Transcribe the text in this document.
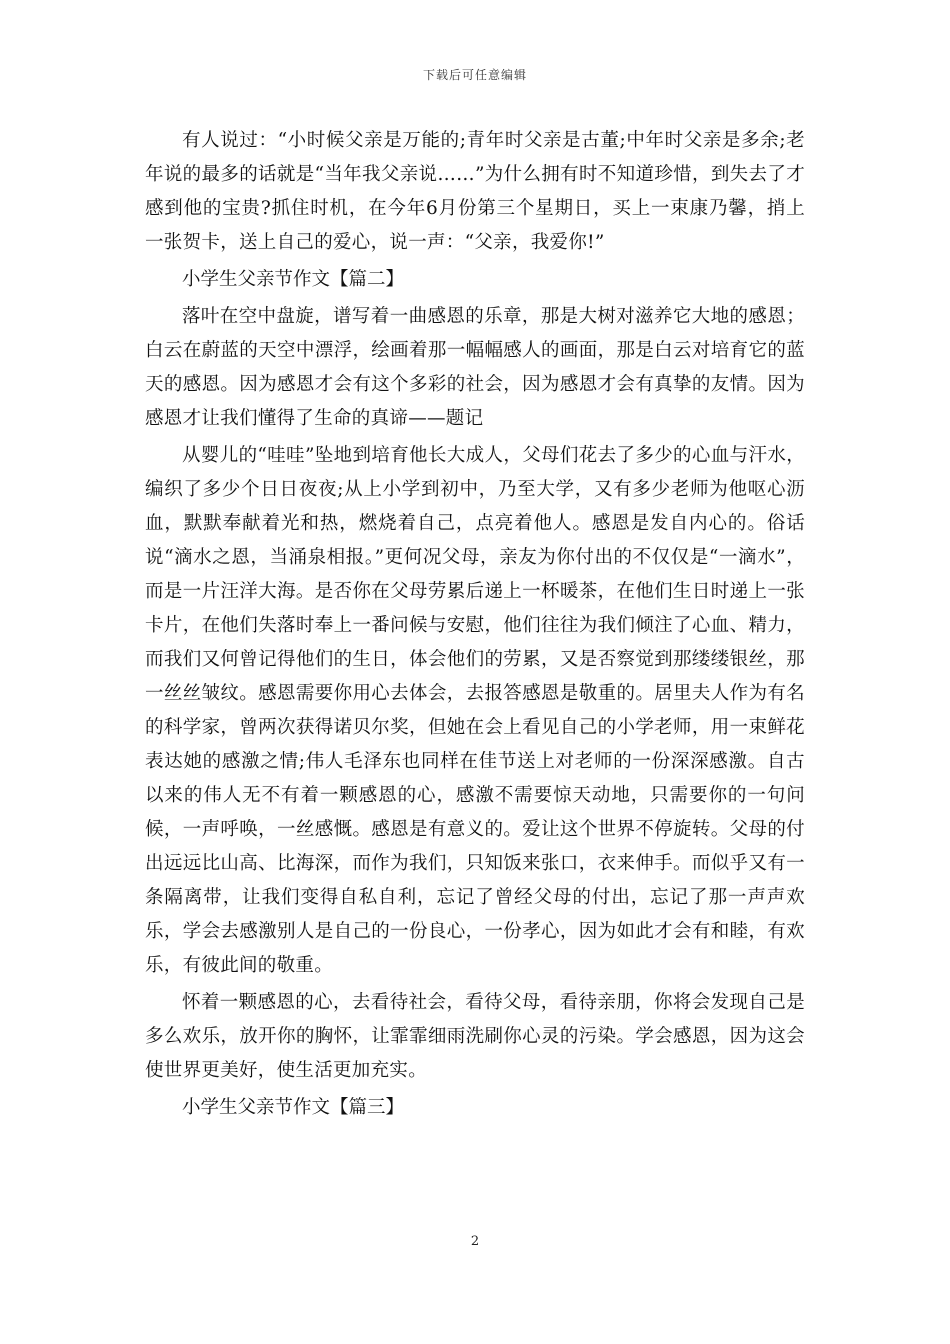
下载后可任意编辑

有人说过：“小时候父亲是万能的;青年时父亲是古董;中年时父亲是多余;老年说的最多的话就是“当年我父亲说……”为什么拥有时不知道珍惜，到失去了才感到他的宝贵?抓住时机，在今年6月份第三个星期日，买上一束康乃馨，捎上一张贺卡，送上自己的爱心，说一声：“父亲，我爱你!”

小学生父亲节作文【篇二】

落叶在空中盘旋，谱写着一曲感恩的乐章，那是大树对滋养它大地的感恩；白云在蔚蓝的天空中漂浮，绘画着那一幅幅感人的画面，那是白云对培育它的蓝天的感恩。因为感恩才会有这个多彩的社会，因为感恩才会有真挚的友情。因为感恩才让我们懂得了生命的真谛——题记

从婴儿的“哇哇”坠地到培育他长大成人，父母们花去了多少的心血与汗水，编织了多少个日日夜夜;从上小学到初中，乃至大学，又有多少老师为他呕心沥血，默默奉献着光和热，燃烧着自己，点亮着他人。感恩是发自内心的。俗话说“滴水之恩，当涌泉相报。”更何况父母，亲友为你付出的不仅仅是“一滴水”，而是一片汪洋大海。是否你在父母劳累后递上一杯暖茶，在他们生日时递上一张卡片，在他们失落时奉上一番问候与安慰，他们往往为我们倾注了心血、精力，而我们又何曾记得他们的生日，体会他们的劳累，又是否察觉到那缕缕银丝，那一丝丝皱纹。感恩需要你用心去体会，去报答感恩是敬重的。居里夫人作为有名的科学家，曾两次获得诺贝尔奖，但她在会上看见自己的小学老师，用一束鲜花表达她的感激之情;伟人毛泽东也同样在佳节送上对老师的一份深深感激。自古以来的伟人无不有着一颗感恩的心，感激不需要惊天动地，只需要你的一句问候，一声呼唤，一丝感慨。感恩是有意义的。爱让这个世界不停旋转。父母的付出远远比山高、比海深，而作为我们，只知饭来张口，衣来伸手。而似乎又有一条隔离带，让我们变得自私自利，忘记了曾经父母的付出，忘记了那一声声欢乐，学会去感激别人是自己的一份良心，一份孝心，因为如此才会有和睦，有欢乐，有彼此间的敬重。

怀着一颗感恩的心，去看待社会，看待父母，看待亲朋，你将会发现自己是多么欢乐，放开你的胸怀，让霏霏细雨洗刷你心灵的污染。学会感恩，因为这会使世界更美好，使生活更加充实。

小学生父亲节作文【篇三】

2
